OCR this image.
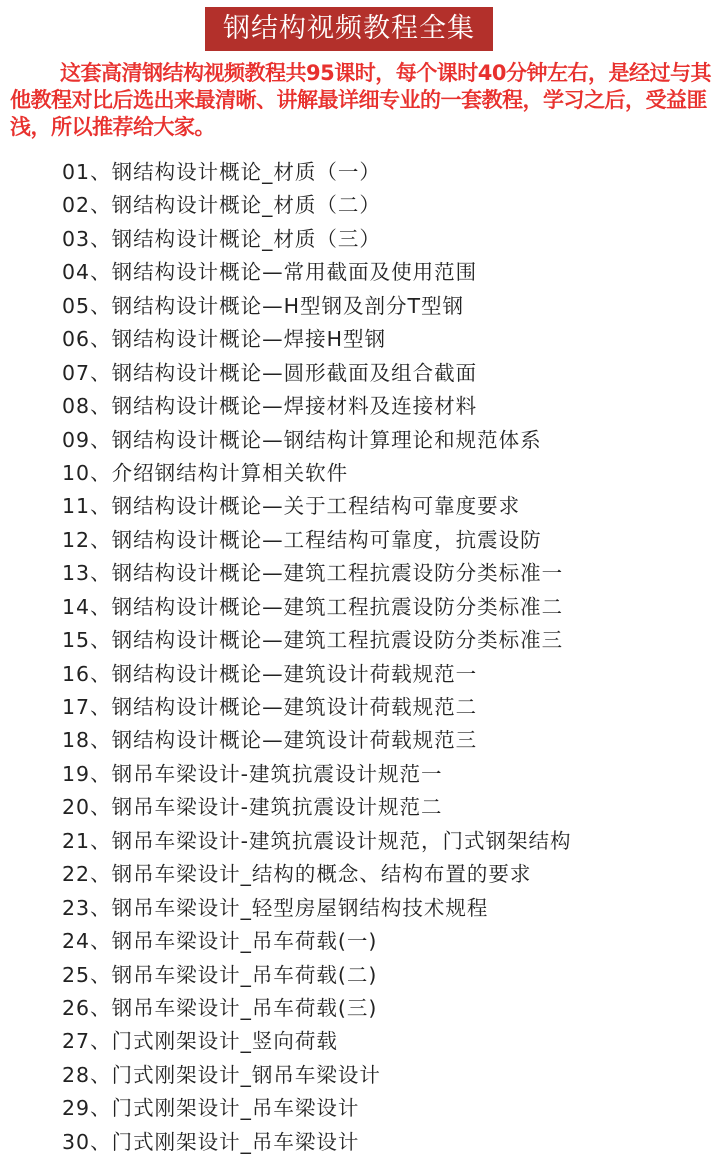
钢结构视频教程全集

这套高清钢结构视频教程共95课时，每个课时40分钟左右，是经过与其他教程对比后选出来最清晰、讲解最详细专业的一套教程，学习之后，受益匪浅，所以推荐给大家。

01、钢结构设计概论_材质（一）
02、钢结构设计概论_材质（二）
03、钢结构设计概论_材质（三）
04、钢结构设计概论—常用截面及使用范围
05、钢结构设计概论—H型钢及剖分T型钢
06、钢结构设计概论—焊接H型钢
07、钢结构设计概论—圆形截面及组合截面
08、钢结构设计概论—焊接材料及连接材料
09、钢结构设计概论—钢结构计算理论和规范体系
10、介绍钢结构计算相关软件
11、钢结构设计概论—关于工程结构可靠度要求
12、钢结构设计概论—工程结构可靠度，抗震设防
13、钢结构设计概论—建筑工程抗震设防分类标准一
14、钢结构设计概论—建筑工程抗震设防分类标准二
15、钢结构设计概论—建筑工程抗震设防分类标准三
16、钢结构设计概论—建筑设计荷载规范一
17、钢结构设计概论—建筑设计荷载规范二
18、钢结构设计概论—建筑设计荷载规范三
19、钢吊车梁设计-建筑抗震设计规范一
20、钢吊车梁设计-建筑抗震设计规范二
21、钢吊车梁设计-建筑抗震设计规范，门式钢架结构
22、钢吊车梁设计_结构的概念、结构布置的要求
23、钢吊车梁设计_轻型房屋钢结构技术规程
24、钢吊车梁设计_吊车荷载(一)
25、钢吊车梁设计_吊车荷载(二)
26、钢吊车梁设计_吊车荷载(三)
27、门式刚架设计_竖向荷载
28、门式刚架设计_钢吊车梁设计
29、门式刚架设计_吊车梁设计
30、门式刚架设计_吊车梁设计
